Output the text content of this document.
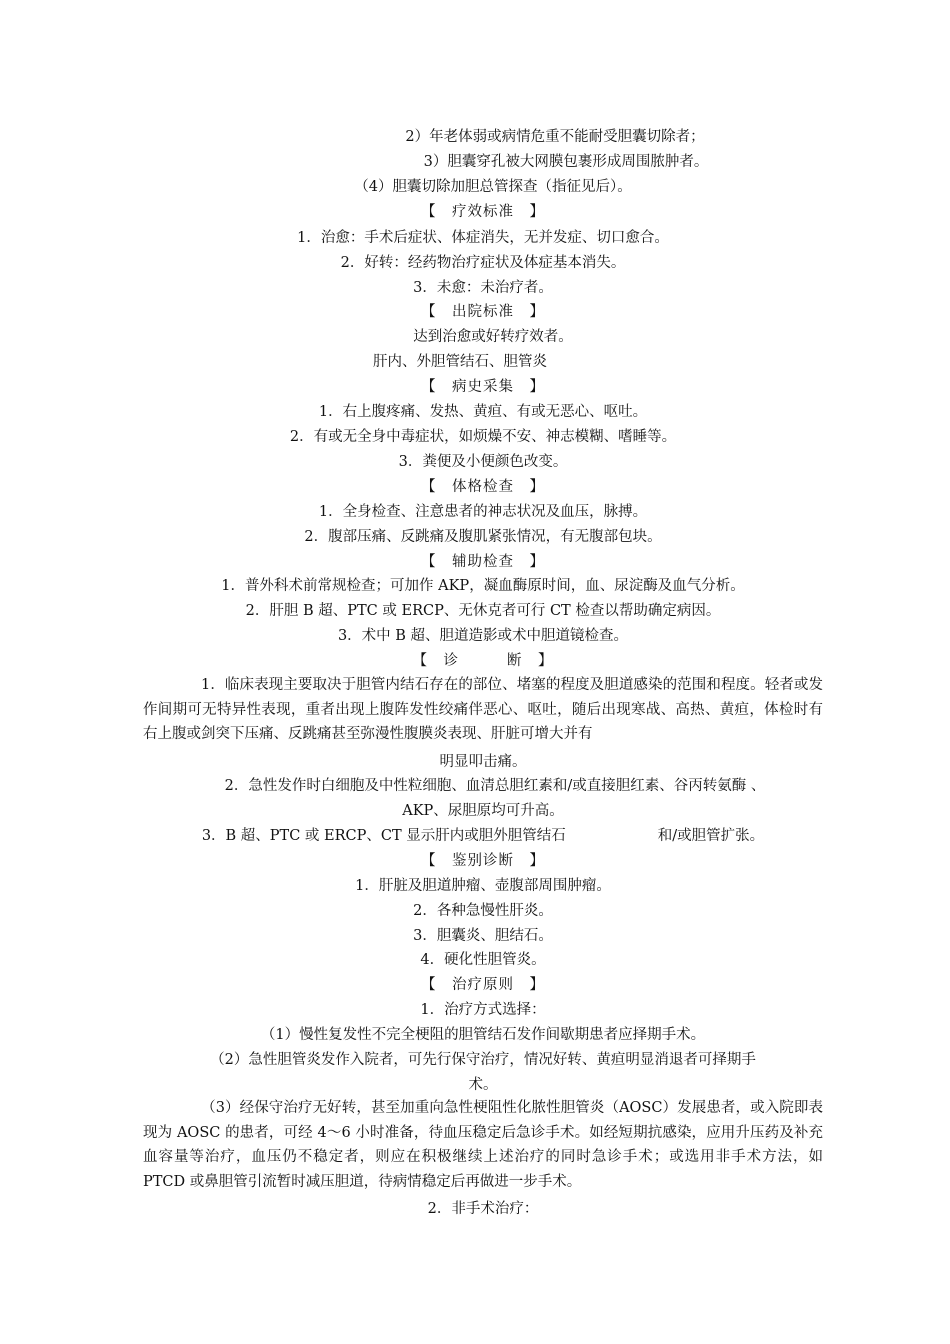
2）年老体弱或病情危重不能耐受胆囊切除者；
3）胆囊穿孔被大网膜包裹形成周围脓肿者。
（4）胆囊切除加胆总管探查（指征见后）。
【　疗效标准　】
1．治愈：手术后症状、体症消失，无并发症、切口愈合。
2．好转：经药物治疗症状及体症基本消失。
3．未愈：未治疗者。
【　出院标准　】
达到治愈或好转疗效者。
肝内、外胆管结石、胆管炎
【　病史采集　】
1．右上腹疼痛、发热、黄疸、有或无恶心、呕吐。
2．有或无全身中毒症状，如烦燥不安、神志模糊、嗜睡等。
3．粪便及小便颜色改变。
【　体格检查　】
1．全身检查、注意患者的神志状况及血压，脉搏。
2．腹部压痛、反跳痛及腹肌紧张情况，有无腹部包块。
【　辅助检查　】
1．普外科术前常规检查；可加作 AKP，凝血酶原时间，血、尿淀酶及血气分析。
2．肝胆 B 超、PTC 或 ERCP、无休克者可行 CT 检查以帮助确定病因。
3．术中 B 超、胆道造影或术中胆道镜检查。
【　诊	断　】
1．临床表现主要取决于胆管内结石存在的部位、堵塞的程度及胆道感染的范围和程度。轻者或发作间期可无特异性表现，重者出现上腹阵发性绞痛伴恶心、呕吐，随后出现寒战、高热、黄疸，体检时有右上腹或剑突下压痛、反跳痛甚至弥漫性腹膜炎表现、肝脏可增大并有
明显叩击痛。
2．急性发作时白细胞及中性粒细胞、血清总胆红素和/或直接胆红素、谷丙转氨酶 、
AKP、尿胆原均可升高。
3．B 超、PTC 或 ERCP、CT 显示肝内或胆外胆管结石	和/或胆管扩张。
【　鉴别诊断　】
1．肝脏及胆道肿瘤、壶腹部周围肿瘤。
2．各种急慢性肝炎。
3．胆囊炎、胆结石。
4．硬化性胆管炎。
【　治疗原则　】
1．治疗方式选择：
（1）慢性复发性不完全梗阻的胆管结石发作间歇期患者应择期手术。
（2）急性胆管炎发作入院者，可先行保守治疗，情况好转、黄疸明显消退者可择期手
术。
（3）经保守治疗无好转，甚至加重向急性梗阻性化脓性胆管炎（AOSC）发展患者，或入院即表现为 AOSC 的患者，可经 4～6 小时准备，待血压稳定后急诊手术。如经短期抗感染，应用升压药及补充血容量等治疗，血压仍不稳定者，则应在积极继续上述治疗的同时急诊手术；或选用非手术方法，如 PTCD 或鼻胆管引流暂时减压胆道，待病情稳定后再做进一步手术。
2．非手术治疗：
